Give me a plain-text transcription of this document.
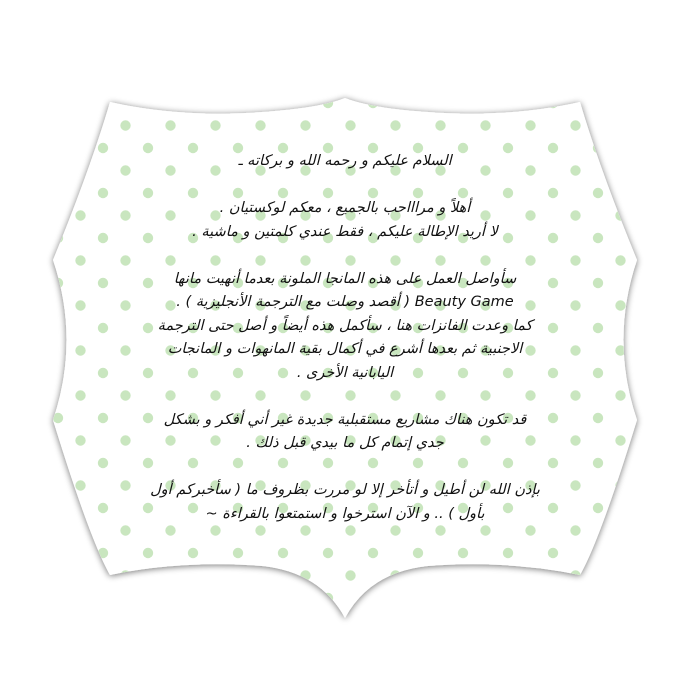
السلام عليكم و رحمه الله و بركاته ـ

أهلاً و مراااحب بالجميع ، معكم لوكستيان .
لا أريد الإطالة عليكم ، فقط عندي كلمتين و ماشية .

سأواصل العمل على هذه المانجا الملونة بعدما أنهيت مانها
Beauty Game ( أقصد وصلت مع الترجمة الأنجليزية ) .
كما وعدت الفانزات هنا ، سأكمل هذه أيضاً و أصل حتى الترجمة
الاجنبية ثم بعدها أشرع في أكمال بقية المانهوات و المانجات
اليابانية الأخرى .

قد تكون هناك مشاريع مستقبلية جديدة غير أني أفكر و بشكل
جدي إتمام كل ما بيدي قبل ذلك .

بإذن الله لن أطيل و أتأخر إلا لو مررت بظروف ما ( سأخبركم أول
بأول ) .. و الآن استرخوا و استمتعوا بالقراءة ~
